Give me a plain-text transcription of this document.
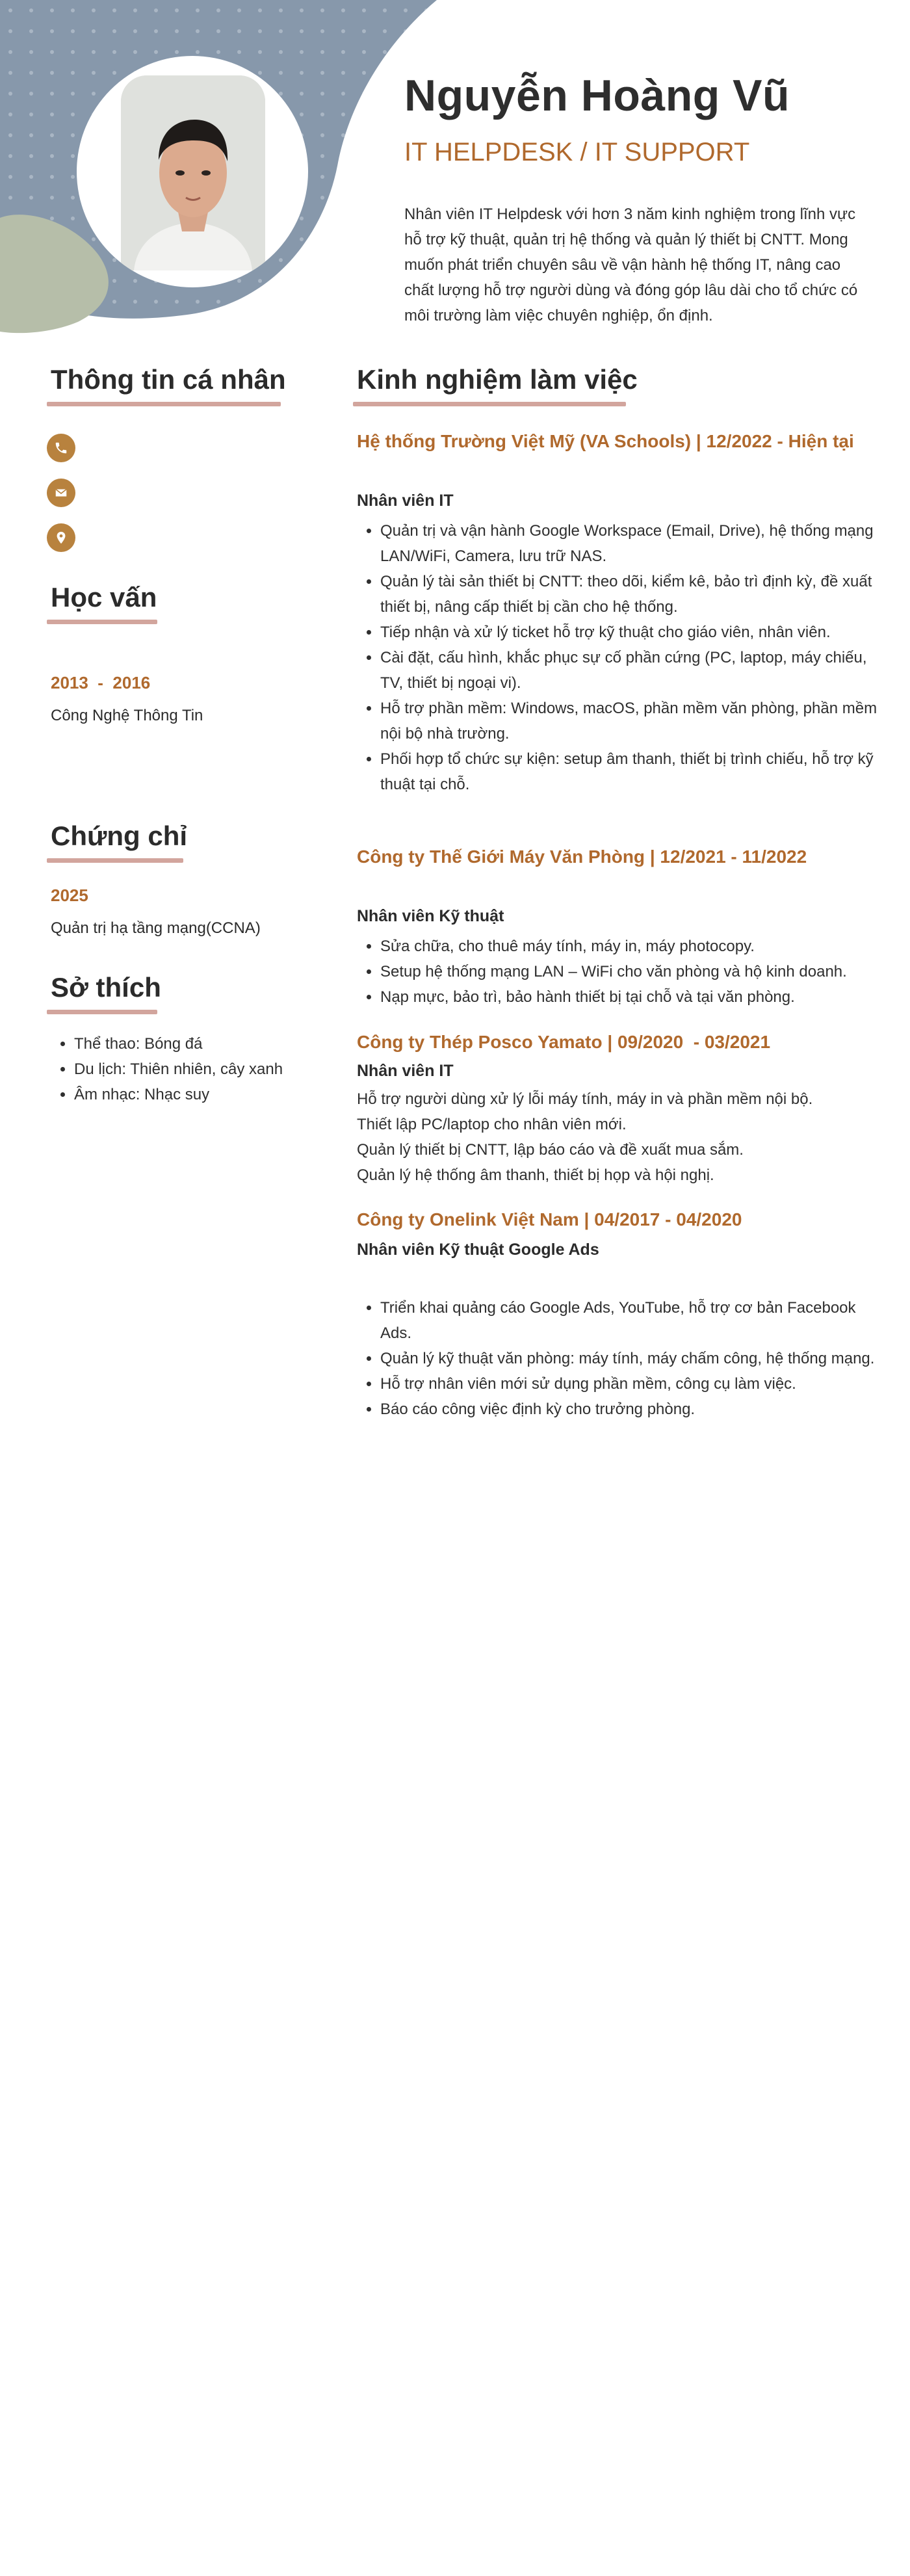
Nguyễn Hoàng Vũ
IT HELPDESK / IT SUPPORT

Nhân viên IT Helpdesk với hơn 3 năm kinh nghiệm trong lĩnh vực hỗ trợ kỹ thuật, quản trị hệ thống và quản lý thiết bị CNTT. Mong muốn phát triển chuyên sâu về vận hành hệ thống IT, nâng cao chất lượng hỗ trợ người dùng và đóng góp lâu dài cho tổ chức có môi trường làm việc chuyên nghiệp, ổn định.

Thông tin cá nhân
Học vấn
2013  -  2016
Công Nghệ Thông Tin
Chứng chỉ
2025
Quản trị hạ tầng mạng(CCNA)
Sở thích
• Thể thao: Bóng đá
• Du lịch: Thiên nhiên, cây xanh
• Âm nhạc: Nhạc suy
Kinh nghiệm làm việc
Hệ thống Trường Việt Mỹ (VA Schools) | 12/2022 - Hiện tại
Nhân viên IT
• Quản trị và vận hành Google Workspace (Email, Drive), hệ thống mạng LAN/WiFi, Camera, lưu trữ NAS.
• Quản lý tài sản thiết bị CNTT: theo dõi, kiểm kê, bảo trì định kỳ, đề xuất thiết bị, nâng cấp thiết bị cần cho hệ thống.
• Tiếp nhận và xử lý ticket hỗ trợ kỹ thuật cho giáo viên, nhân viên.
• Cài đặt, cấu hình, khắc phục sự cố phần cứng (PC, laptop, máy chiếu, TV, thiết bị ngoại vi).
• Hỗ trợ phần mềm: Windows, macOS, phần mềm văn phòng, phần mềm nội bộ nhà trường.
• Phối hợp tổ chức sự kiện: setup âm thanh, thiết bị trình chiếu, hỗ trợ kỹ thuật tại chỗ.
Công ty Thế Giới Máy Văn Phòng | 12/2021 - 11/2022
Nhân viên Kỹ thuật
• Sửa chữa, cho thuê máy tính, máy in, máy photocopy.
• Setup hệ thống mạng LAN – WiFi cho văn phòng và hộ kinh doanh.
• Nạp mực, bảo trì, bảo hành thiết bị tại chỗ và tại văn phòng.
Công ty Thép Posco Yamato | 09/2020  - 03/2021
Nhân viên IT

Hỗ trợ người dùng xử lý lỗi máy tính, máy in và phần mềm nội bộ.

Thiết lập PC/laptop cho nhân viên mới.

Quản lý thiết bị CNTT, lập báo cáo và đề xuất mua sắm.

Quản lý hệ thống âm thanh, thiết bị họp và hội nghị.

Công ty Onelink Việt Nam | 04/2017 - 04/2020
Nhân viên Kỹ thuật Google Ads
• Triển khai quảng cáo Google Ads, YouTube, hỗ trợ cơ bản Facebook Ads.
• Quản lý kỹ thuật văn phòng: máy tính, máy chấm công, hệ thống mạng.
• Hỗ trợ nhân viên mới sử dụng phần mềm, công cụ làm việc.
• Báo cáo công việc định kỳ cho trưởng phòng.
